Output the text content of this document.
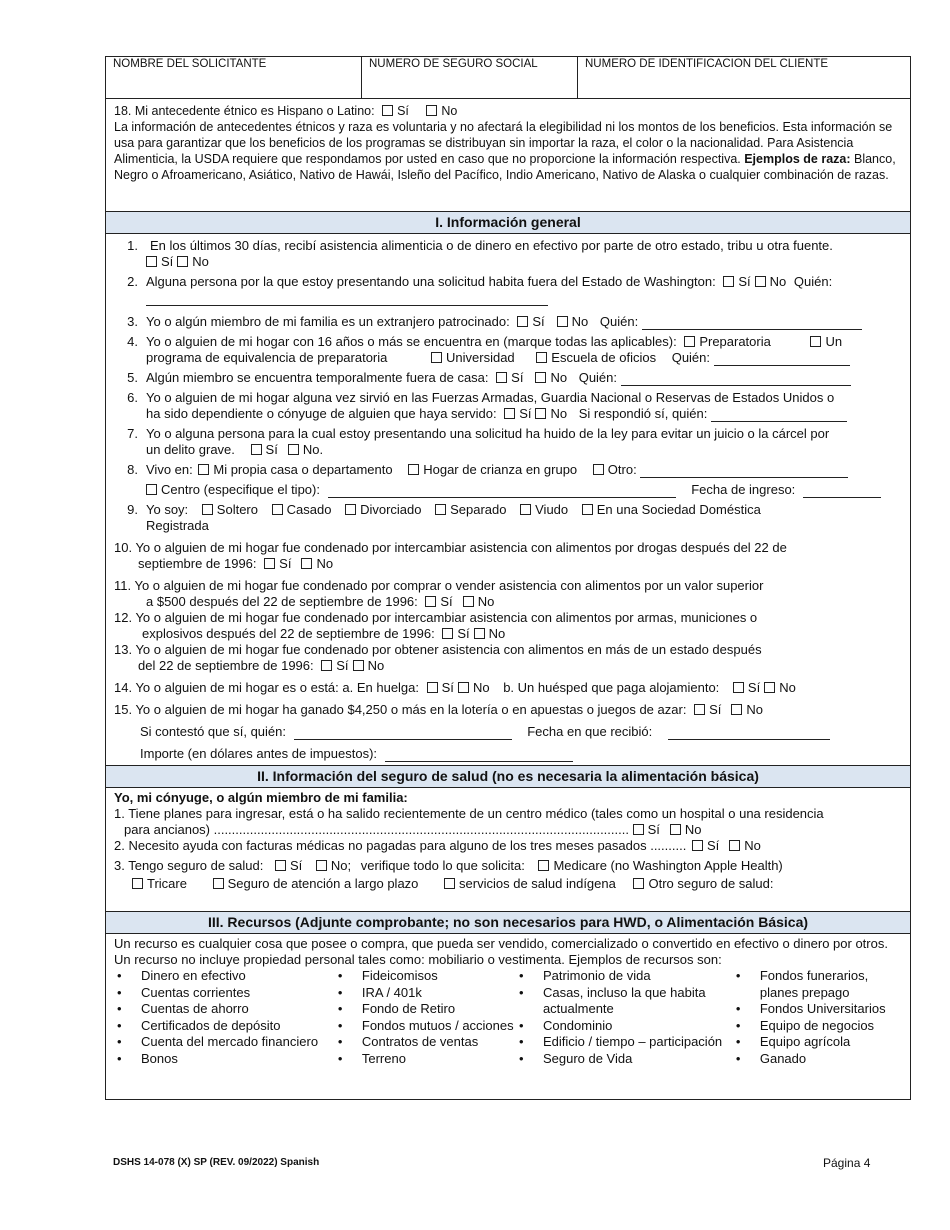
NOMBRE DEL SOLICITANTE	NUMERO DE SEGURO SOCIAL	NUMERO DE IDENTIFICACION DEL CLIENTE
18. Mi antecedente étnico es Hispano o Latino: Sí	No
La información de antecedentes étnicos y raza es voluntaria y no afectará la elegibilidad ni los montos de los beneficios. Esta información se usa para garantizar que los beneficios de los programas se distribuyan sin importar la raza, el color o la nacionalidad. Para Asistencia Alimenticia, la USDA requiere que respondamos por usted en caso que no proporcione la información respectiva. Ejemplos de raza: Blanco, Negro o Afroamericano, Asiático, Nativo de Hawái, Isleño del Pacífico, Indio Americano, Nativo de Alaska o cualquier combinación de razas.
I. Información general
1. En los últimos 30 días, recibí asistencia alimenticia o de dinero en efectivo por parte de otro estado, tribu u otra fuente.
Sí No
2. Alguna persona por la que estoy presentando una solicitud habita fuera del Estado de Washington: Sí No Quién:
3. Yo o algún miembro de mi familia es un extranjero patrocinado: Sí No Quién:
4. Yo o alguien de mi hogar con 16 años o más se encuentra en (marque todas las aplicables): Preparatoria	Un
programa de equivalencia de preparatoria	Universidad	Escuela de oficios Quién:
5. Algún miembro se encuentra temporalmente fuera de casa: Sí No Quién:
6. Yo o alguien de mi hogar alguna vez sirvió en las Fuerzas Armadas, Guardia Nacional o Reservas de Estados Unidos o
ha sido dependiente o cónyuge de alguien que haya servido: Sí No Si respondió sí, quién:
7. Yo o alguna persona para la cual estoy presentando una solicitud ha huido de la ley para evitar un juicio o la cárcel por
un delito grave. Sí No.
8. Vivo en: Mi propia casa o departamento Hogar de crianza en grupo Otro:
Centro (especifique el tipo):	Fecha de ingreso:
9. Yo soy: Soltero Casado Divorciado Separado Viudo En una Sociedad Doméstica
Registrada
10. Yo o alguien de mi hogar fue condenado por intercambiar asistencia con alimentos por drogas después del 22 de
septiembre de 1996: Sí No
11. Yo o alguien de mi hogar fue condenado por comprar o vender asistencia con alimentos por un valor superior
a $500 después del 22 de septiembre de 1996: Sí No
12. Yo o alguien de mi hogar fue condenado por intercambiar asistencia con alimentos por armas, municiones o
explosivos después del 22 de septiembre de 1996: Sí No
13. Yo o alguien de mi hogar fue condenado por obtener asistencia con alimentos en más de un estado después
del 22 de septiembre de 1996: Sí No
14. Yo o alguien de mi hogar es o está: a. En huelga: Sí No b. Un huésped que paga alojamiento: Sí No
15. Yo o alguien de mi hogar ha ganado $4,250 o más en la lotería o en apuestas o juegos de azar: Sí No
Si contestó que sí, quién:	Fecha en que recibió:
Importe (en dólares antes de impuestos):
II. Información del seguro de salud (no es necesaria la alimentación básica)
Yo, mi cónyuge, o algún miembro de mi familia:
1. Tiene planes para ingresar, está o ha salido recientemente de un centro médico (tales como un hospital o una residencia
para ancianos) ................................................................................................................... Sí No
2. Necesito ayuda con facturas médicas no pagadas para alguno de los tres meses pasados .......... Sí No
3. Tengo seguro de salud: Sí No; verifique todo lo que solicita: Medicare (no Washington Apple Health)
Tricare	Seguro de atención a largo plazo	servicios de salud indígena	Otro seguro de salud:
III. Recursos (Adjunte comprobante; no son necesarios para HWD, o Alimentación Básica)
Un recurso es cualquier cosa que posee o compra, que pueda ser vendido, comercializado o convertido en efectivo o dinero por otros. Un recurso no incluye propiedad personal tales como: mobiliario o vestimenta. Ejemplos de recursos son:
• Dinero en efectivo
• Cuentas corrientes
• Cuentas de ahorro
• Certificados de depósito
• Cuenta del mercado financiero
• Bonos
• Fideicomisos
• IRA / 401k
• Fondo de Retiro
• Fondos mutuos / acciones
• Contratos de ventas
• Terreno
• Patrimonio de vida
• Casas, incluso la que habita actualmente
• Condominio
• Edificio / tiempo – participación
• Seguro de Vida
• Fondos funerarios, planes prepago
• Fondos Universitarios
• Equipo de negocios
• Equipo agrícola
• Ganado
DSHS 14-078 (X) SP (REV. 09/2022) Spanish	Página 4
